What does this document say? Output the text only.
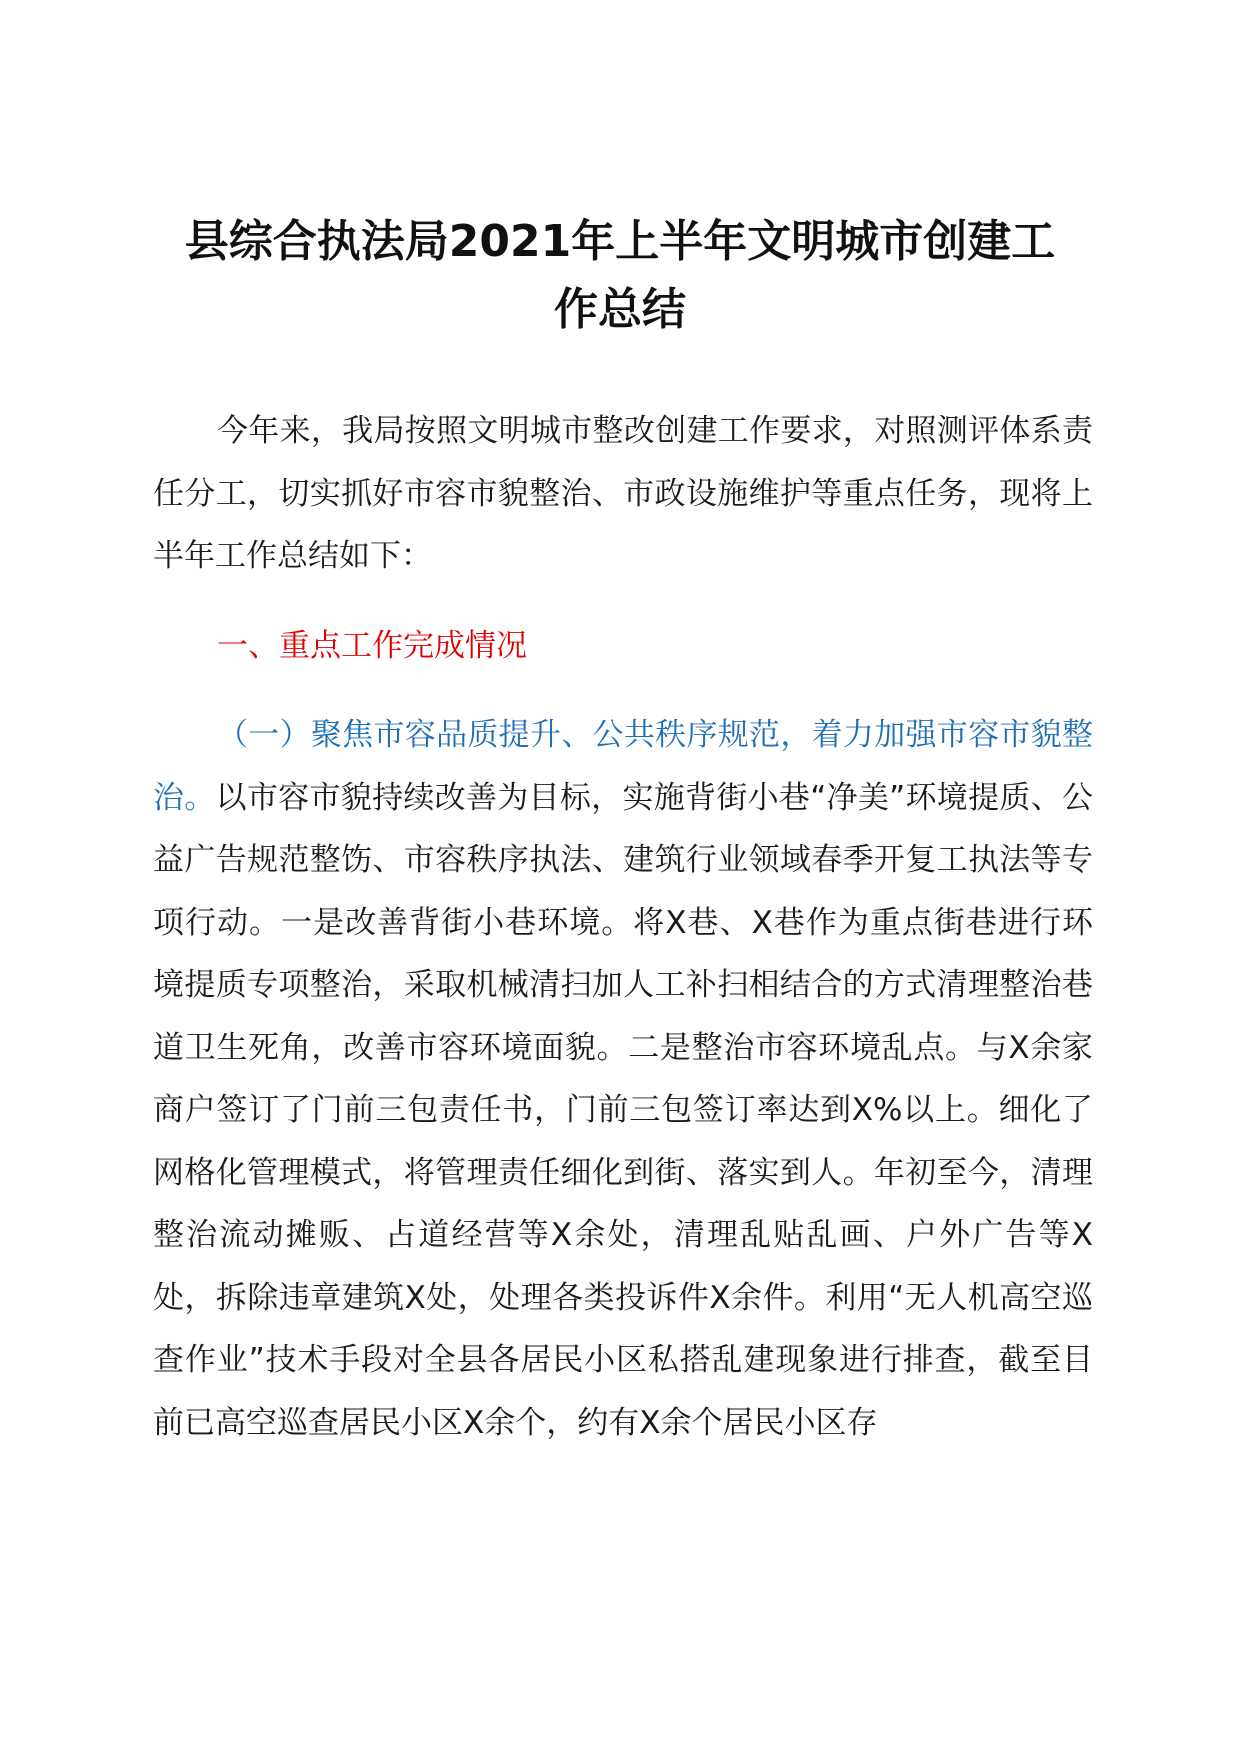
县综合执法局2021年上半年文明城市创建工
作总结

今年来，我局按照文明城市整改创建工作要求，对照测评体系责任分工，切实抓好市容市貌整治、市政设施维护等重点任务，现将上半年工作总结如下：

一、重点工作完成情况

（一）聚焦市容品质提升、公共秩序规范，着力加强市容市貌整治。以市容市貌持续改善为目标，实施背街小巷“净美”环境提质、公益广告规范整饬、市容秩序执法、建筑行业领域春季开复工执法等专项行动。一是改善背街小巷环境。将X巷、X巷作为重点街巷进行环境提质专项整治，采取机械清扫加人工补扫相结合的方式清理整治巷道卫生死角，改善市容环境面貌。二是整治市容环境乱点。与X余家商户签订了门前三包责任书，门前三包签订率达到X%以上。细化了网格化管理模式，将管理责任细化到街、落实到人。年初至今，清理整治流动摊贩、占道经营等X余处，清理乱贴乱画、户外广告等X处，拆除违章建筑X处，处理各类投诉件X余件。利用“无人机高空巡查作业”技术手段对全县各居民小区私搭乱建现象进行排查，截至目前已高空巡查居民小区X余个，约有X余个居民小区存
